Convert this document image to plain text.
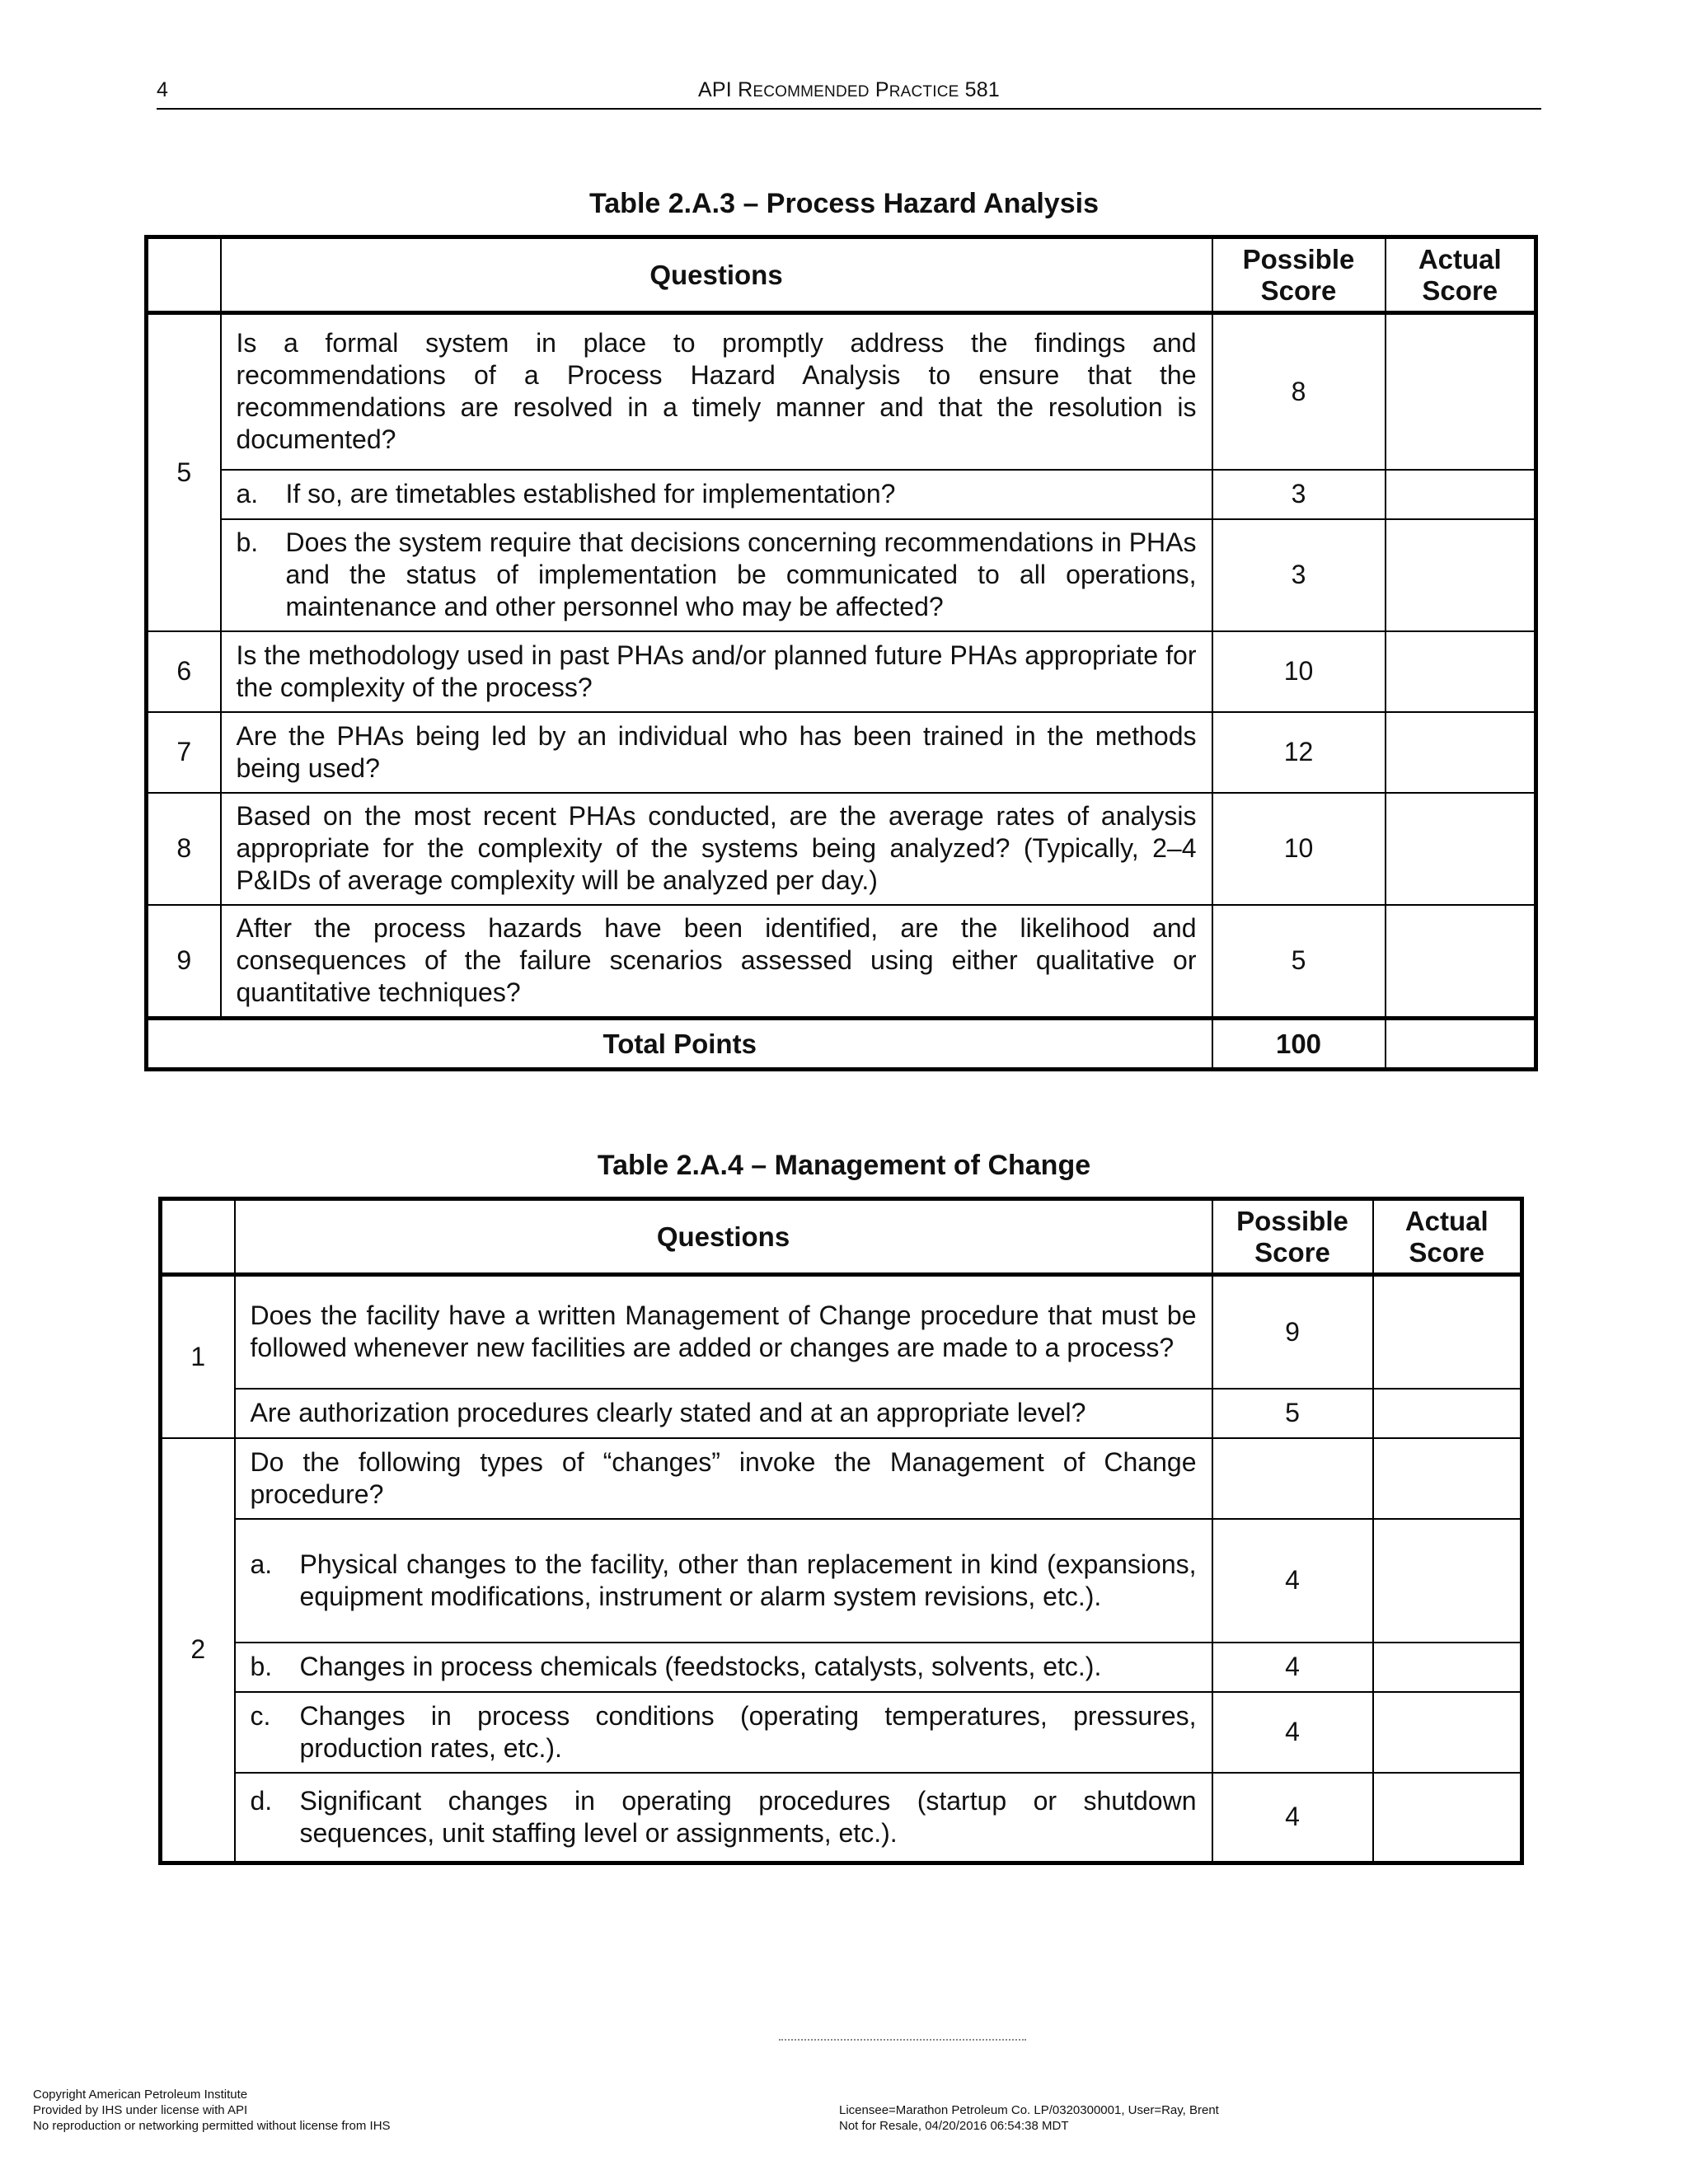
4	API RECOMMENDED PRACTICE 581
Table 2.A.3 – Process Hazard Analysis
	Questions	Possible Score	Actual Score
5	Is a formal system in place to promptly address the findings and recommendations of a Process Hazard Analysis to ensure that the recommendations are resolved in a timely manner and that the resolution is documented?	8	

	a. If so, are timetables established for implementation?	3	

	b. Does the system require that decisions concerning recommendations in PHAs and the status of implementation be communicated to all operations, maintenance and other personnel who may be affected?	3	
6	Is the methodology used in past PHAs and/or planned future PHAs appropriate for the complexity of the process?	10	
7	Are the PHAs being led by an individual who has been trained in the methods being used?	12	
8	Based on the most recent PHAs conducted, are the average rates of analysis appropriate for the complexity of the systems being analyzed? (Typically, 2–4 P&IDs of average complexity will be analyzed per day.)	10	
9	After the process hazards have been identified, are the likelihood and consequences of the failure scenarios assessed using either qualitative or quantitative techniques?	5	
Total Points		100	
Table 2.A.4 – Management of Change
	Questions	Possible Score	Actual Score
1	Does the facility have a written Management of Change procedure that must be followed whenever new facilities are added or changes are made to a process?	9	
	Are authorization procedures clearly stated and at an appropriate level?	5	
2	Do the following types of “changes” invoke the Management of Change procedure?		

	a. Physical changes to the facility, other than replacement in kind (expansions, equipment modifications, instrument or alarm system revisions, etc.).	4	

	b. Changes in process chemicals (feedstocks, catalysts, solvents, etc.).	4	

	c. Changes in process conditions (operating temperatures, pressures, production rates, etc.).	4	

	d. Significant changes in operating procedures (startup or shutdown sequences, unit staffing level or assignments, etc.).	4	
Copyright American Petroleum Institute
Provided by IHS under license with API
No reproduction or networking permitted without license from IHS
Licensee=Marathon Petroleum Co. LP/0320300001, User=Ray, Brent
Not for Resale, 04/20/2016 06:54:38 MDT
